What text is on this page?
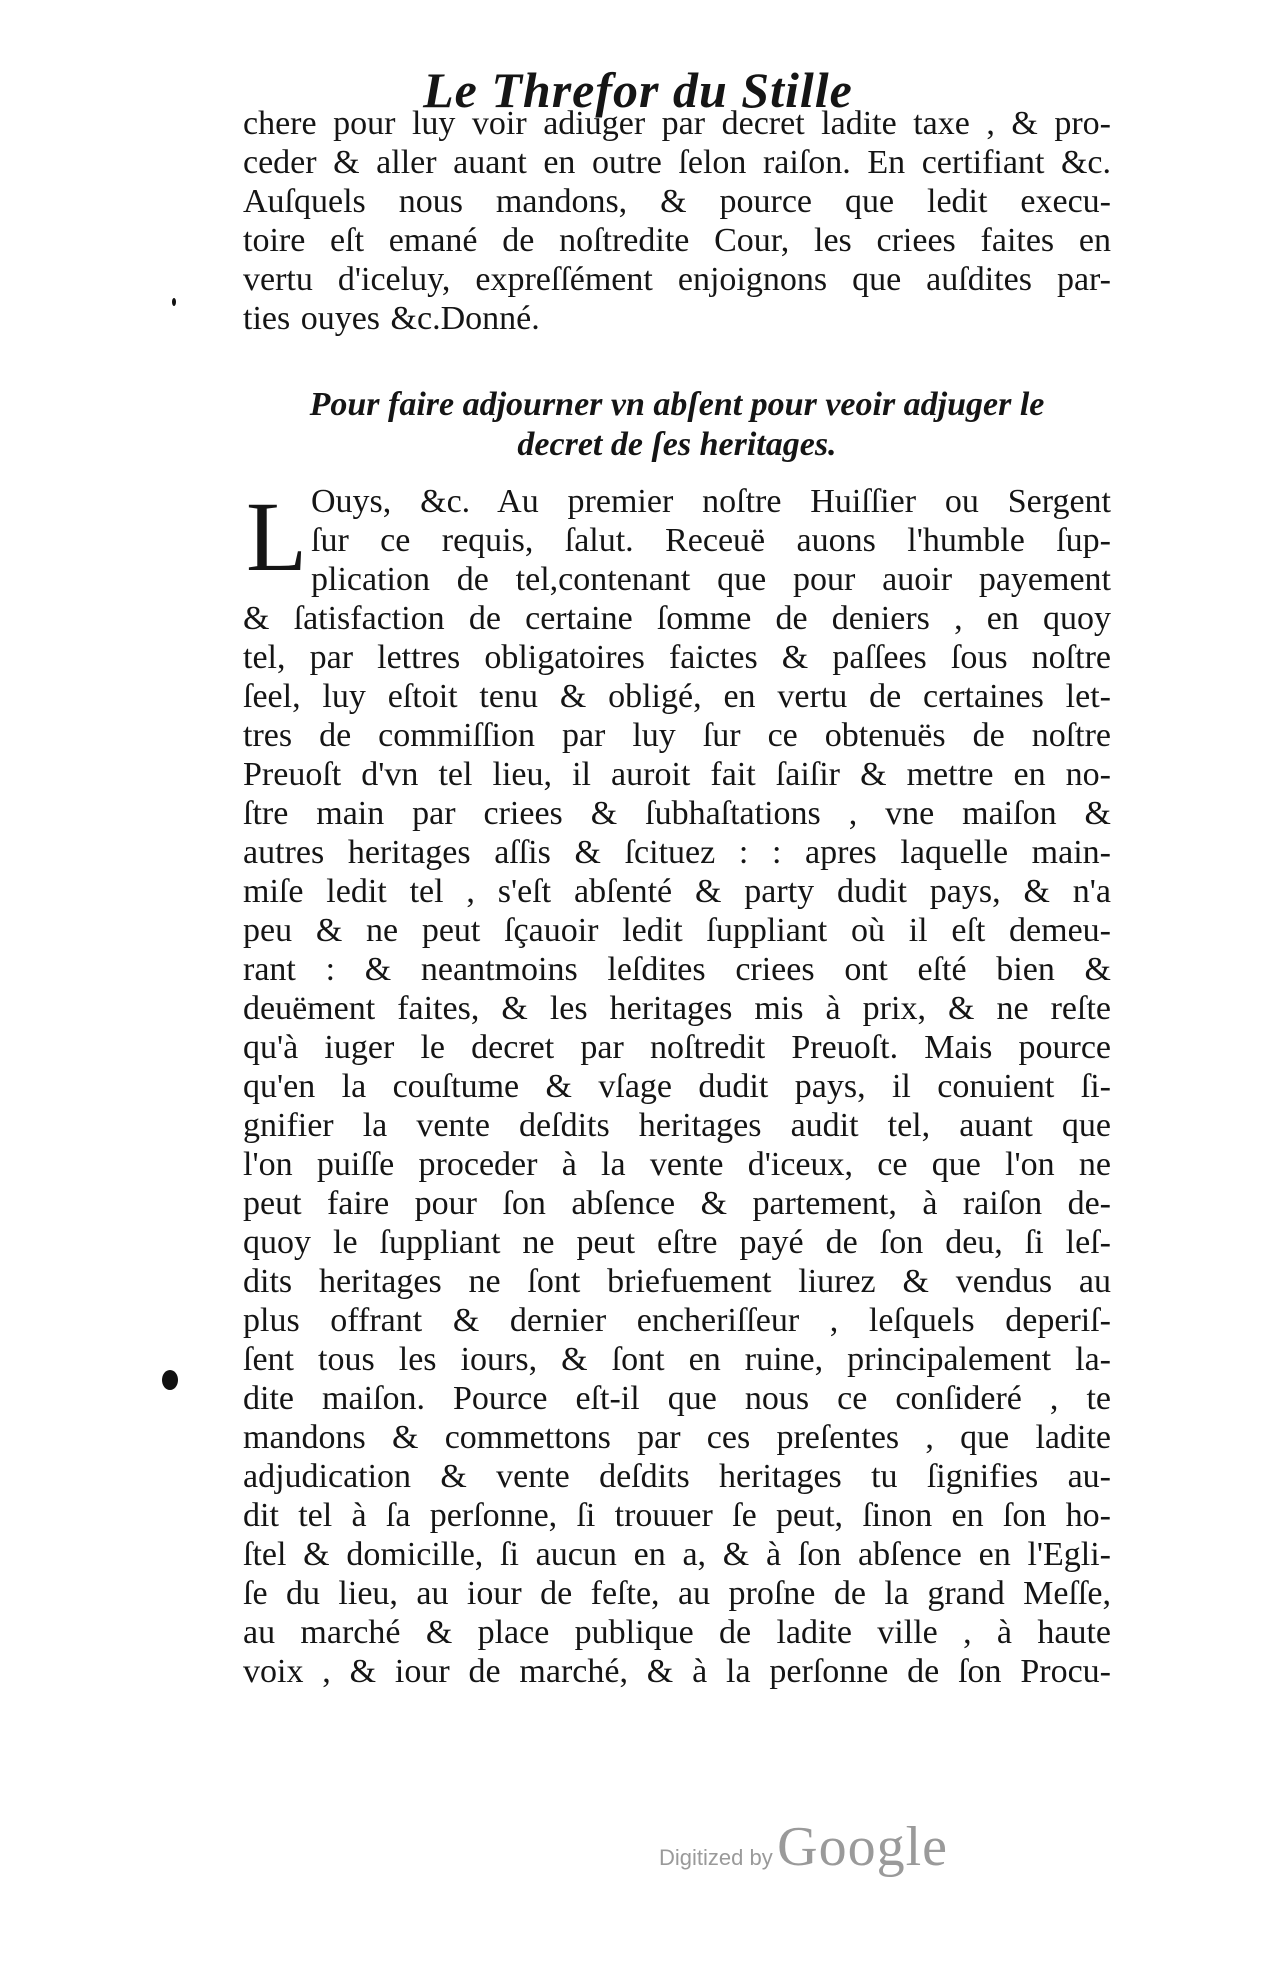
Le Threfor du Stille
chere pour luy voir adiuger par decret ladite taxe , & pro-
ceder & aller auant en outre ſelon raiſon. En certifiant &c.
Auſquels nous mandons, & pource que ledit execu-
toire eſt emané de noſtredite Cour, les criees faites en
vertu d'iceluy, expreſſément enjoignons que auſdites par-
ties ouyes &c.Donné.
Pour faire adjourner vn abſent pour veoir adjuger le
decret de ſes heritages.
L Ouys, &c. Au premier noſtre Huiſſier ou Sergent
ſur ce requis, ſalut. Receuë auons l'humble ſup-
plication de tel,contenant que pour auoir payement
& ſatisfaction de certaine ſomme de deniers , en quoy
tel, par lettres obligatoires faictes & paſſees ſous noſtre
ſeel, luy eſtoit tenu & obligé, en vertu de certaines let-
tres de commiſſion par luy ſur ce obtenuës de noſtre
Preuoſt d'vn tel lieu, il auroit fait ſaiſir & mettre en no-
ſtre main par criees & ſubhaſtations , vne maiſon &
autres heritages aſſis & ſcituez : : apres laquelle main-
miſe ledit tel , s'eſt abſenté & party dudit pays, & n'a
peu & ne peut ſçauoir ledit ſuppliant où il eſt demeu-
rant : & neantmoins leſdites criees ont eſté bien &
deuëment faites, & les heritages mis à prix, & ne reſte
qu'à iuger le decret par noſtredit Preuoſt. Mais pource
qu'en la couſtume & vſage dudit pays, il conuient ſi-
gnifier la vente deſdits heritages audit tel, auant que
l'on puiſſe proceder à la vente d'iceux, ce que l'on ne
peut faire pour ſon abſence & partement, à raiſon de-
quoy le ſuppliant ne peut eſtre payé de ſon deu, ſi leſ-
dits heritages ne ſont briefuement liurez & vendus au
plus offrant & dernier encheriſſeur , leſquels deperiſ-
ſent tous les iours, & ſont en ruine, principalement la-
dite maiſon. Pource eſt-il que nous ce conſideré , te
mandons & commettons par ces preſentes , que ladite
adjudication & vente deſdits heritages tu ſignifies au-
dit tel à ſa perſonne, ſi trouuer ſe peut, ſinon en ſon ho-
ſtel & domicille, ſi aucun en a, & à ſon abſence en l'Egli-
ſe du lieu, au iour de feſte, au proſne de la grand Meſſe,
au marché & place publique de ladite ville , à haute
voix , & iour de marché, & à la perſonne de ſon Procu-
Digitized by Google
